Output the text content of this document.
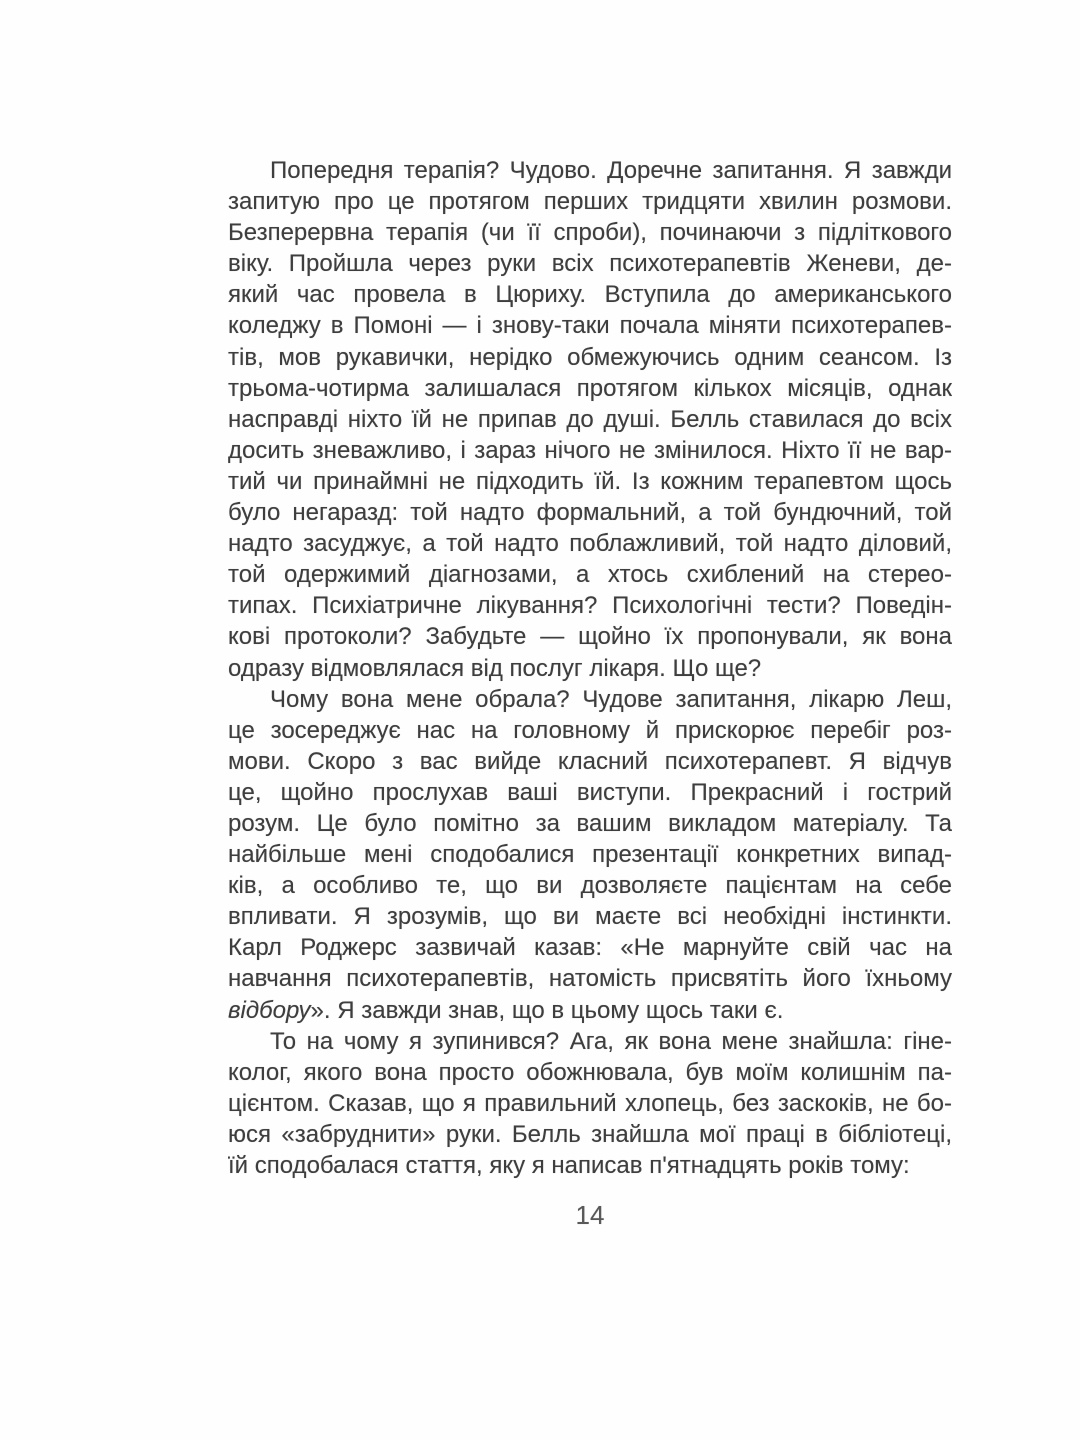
Попередня терапія? Чудово. Доречне запитання. Я завжди
запитую про це протягом перших тридцяти хвилин розмови.
Безперервна терапія (чи її спроби), починаючи з підліткового
віку. Пройшла через руки всіх психотерапевтів Женеви, де-
який час провела в Цюриху. Вступила до американського
коледжу в Помоні — і знову-таки почала міняти психотерапев-
тів, мов рукавички, нерідко обмежуючись одним сеансом. Із
трьома-чотирма залишалася протягом кількох місяців, однак
насправді ніхто їй не припав до душі. Белль ставилася до всіх
досить зневажливо, і зараз нічого не змінилося. Ніхто її не вар-
тий чи принаймні не підходить їй. Із кожним терапевтом щось
було негаразд: той надто формальний, а той бундючний, той
надто засуджує, а той надто поблажливий, той надто діловий,
той одержимий діагнозами, а хтось схиблений на стерео-
типах. Психіатричне лікування? Психологічні тести? Поведін-
кові протоколи? Забудьте — щойно їх пропонували, як вона
одразу відмовлялася від послуг лікаря. Що ще?
Чому вона мене обрала? Чудове запитання, лікарю Леш,
це зосереджує нас на головному й прискорює перебіг роз-
мови. Скоро з вас вийде класний психотерапевт. Я відчув
це, щойно прослухав ваші виступи. Прекрасний і гострий
розум. Це було помітно за вашим викладом матеріалу. Та
найбільше мені сподобалися презентації конкретних випад-
ків, а особливо те, що ви дозволяєте пацієнтам на себе
впливати. Я зрозумів, що ви маєте всі необхідні інстинкти.
Карл Роджерс зазвичай казав: «Не марнуйте свій час на
навчання психотерапевтів, натомість присвятіть його їхньому
відбору». Я завжди знав, що в цьому щось таки є.
То на чому я зупинився? Ага, як вона мене знайшла: гіне-
колог, якого вона просто обожнювала, був моїм колишнім па-
цієнтом. Сказав, що я правильний хлопець, без заскоків, не бо-
юся «забруднити» руки. Белль знайшла мої праці в бібліотеці,
їй сподобалася стаття, яку я написав п'ятнадцять років тому:
14
